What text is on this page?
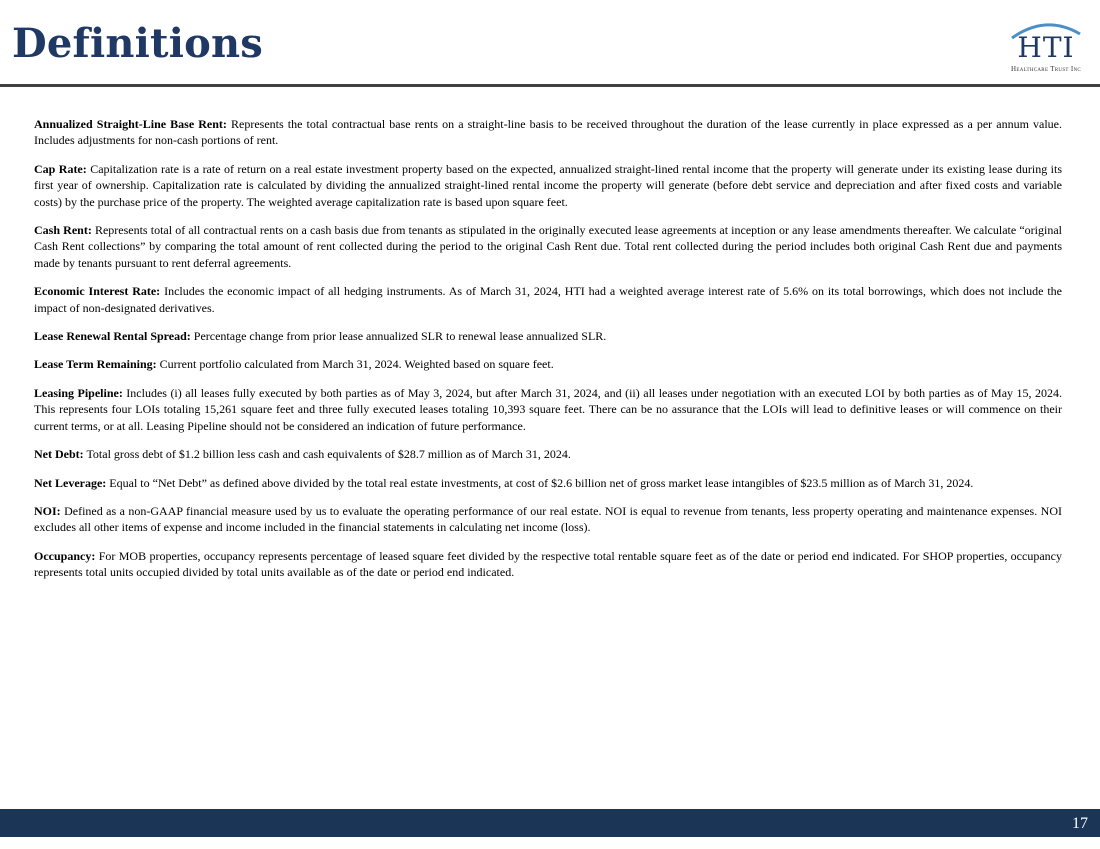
Definitions	HTI
Healthcare Trust Inc

Annualized Straight-Line Base Rent: Represents the total contractual base rents on a straight-line basis to be received throughout the duration of the lease currently in place expressed as a per annum value. Includes adjustments for non-cash portions of rent.

Cap Rate: Capitalization rate is a rate of return on a real estate investment property based on the expected, annualized straight-lined rental income that the property will generate under its existing lease during its first year of ownership. Capitalization rate is calculated by dividing the annualized straight-lined rental income the property will generate (before debt service and depreciation and after fixed costs and variable costs) by the purchase price of the property. The weighted average capitalization rate is based upon square feet.

Cash Rent: Represents total of all contractual rents on a cash basis due from tenants as stipulated in the originally executed lease agreements at inception or any lease amendments thereafter. We calculate “original Cash Rent collections” by comparing the total amount of rent collected during the period to the original Cash Rent due. Total rent collected during the period includes both original Cash Rent due and payments made by tenants pursuant to rent deferral agreements.

Economic Interest Rate: Includes the economic impact of all hedging instruments. As of March 31, 2024, HTI had a weighted average interest rate of 5.6% on its total borrowings, which does not include the impact of non-designated derivatives.

Lease Renewal Rental Spread: Percentage change from prior lease annualized SLR to renewal lease annualized SLR.

Lease Term Remaining: Current portfolio calculated from March 31, 2024. Weighted based on square feet.

Leasing Pipeline: Includes (i) all leases fully executed by both parties as of May 3, 2024, but after March 31, 2024, and (ii) all leases under negotiation with an executed LOI by both parties as of May 15, 2024. This represents four LOIs totaling 15,261 square feet and three fully executed leases totaling 10,393 square feet. There can be no assurance that the LOIs will lead to definitive leases or will commence on their current terms, or at all. Leasing Pipeline should not be considered an indication of future performance.

Net Debt: Total gross debt of $1.2 billion less cash and cash equivalents of $28.7 million as of March 31, 2024.

Net Leverage: Equal to “Net Debt” as defined above divided by the total real estate investments, at cost of $2.6 billion net of gross market lease intangibles of $23.5 million as of March 31, 2024.

NOI: Defined as a non-GAAP financial measure used by us to evaluate the operating performance of our real estate. NOI is equal to revenue from tenants, less property operating and maintenance expenses. NOI excludes all other items of expense and income included in the financial statements in calculating net income (loss).

Occupancy: For MOB properties, occupancy represents percentage of leased square feet divided by the respective total rentable square feet as of the date or period end indicated. For SHOP properties, occupancy represents total units occupied divided by total units available as of the date or period end indicated.

17
